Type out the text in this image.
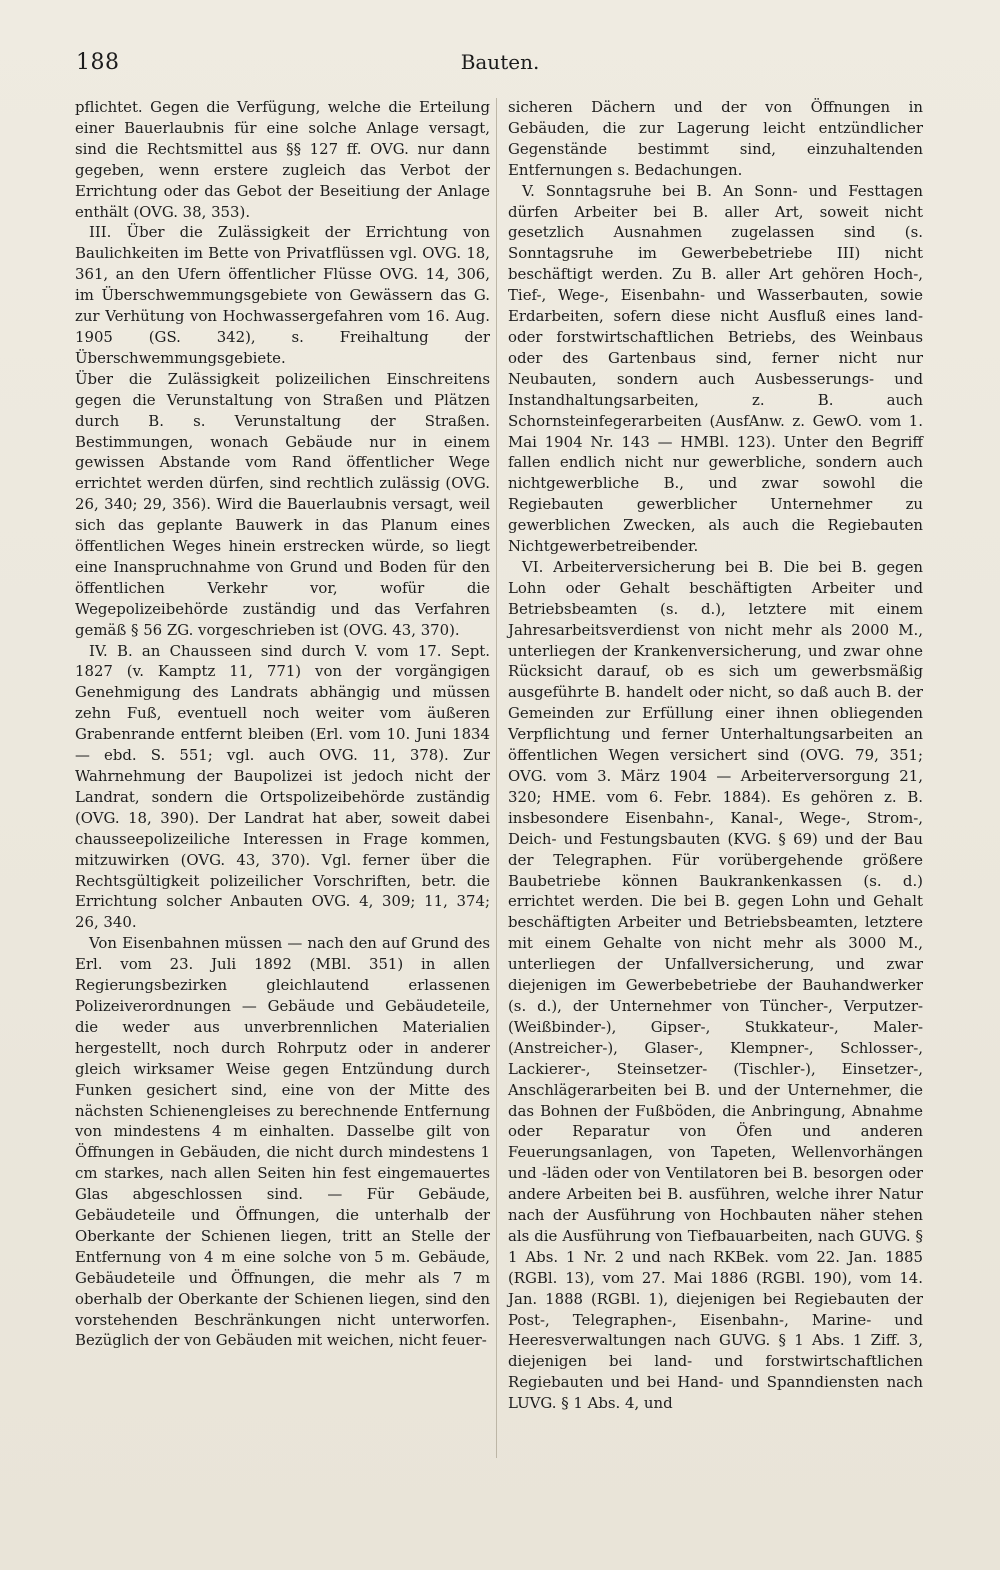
188	Bauten.

pflichtet. Gegen die Verfügung, welche die Erteilung einer Bauerlaubnis für eine solche Anlage versagt, sind die Rechtsmittel aus §§ 127 ff. OVG. nur dann gegeben, wenn erstere zugleich das Verbot der Errichtung oder das Gebot der Beseitiung der Anlage enthält (OVG. 38, 353).

III. Über die Zulässigkeit der Errichtung von Baulichkeiten im Bette von Privatflüssen vgl. OVG. 18, 361, an den Ufern öffentlicher Flüsse OVG. 14, 306, im Überschwemmungsgebiete von Gewässern das G. zur Verhütung von Hochwassergefahren vom 16. Aug. 1905 (GS. 342), s. Freihaltung der Überschwemmungsgebiete.

Über die Zulässigkeit polizeilichen Einschreitens gegen die Verunstaltung von Straßen und Plätzen durch B. s. Verunstaltung der Straßen. Bestimmungen, wonach Gebäude nur in einem gewissen Abstande vom Rand öffentlicher Wege errichtet werden dürfen, sind rechtlich zulässig (OVG. 26, 340; 29, 356). Wird die Bauerlaubnis versagt, weil sich das geplante Bauwerk in das Planum eines öffentlichen Weges hinein erstrecken würde, so liegt eine Inanspruchnahme von Grund und Boden für den öffentlichen Verkehr vor, wofür die Wegepolizeibehörde zuständig und das Verfahren gemäß § 56 ZG. vorgeschrieben ist (OVG. 43, 370).

IV. B. an Chausseen sind durch V. vom 17. Sept. 1827 (v. Kamptz 11, 771) von der vorgängigen Genehmigung des Landrats abhängig und müssen zehn Fuß, eventuell noch weiter vom äußeren Grabenrande entfernt bleiben (Erl. vom 10. Juni 1834 — ebd. S. 551; vgl. auch OVG. 11, 378). Zur Wahrnehmung der Baupolizei ist jedoch nicht der Landrat, sondern die Ortspolizeibehörde zuständig (OVG. 18, 390). Der Landrat hat aber, soweit dabei chausseepolizeiliche Interessen in Frage kommen, mitzuwirken (OVG. 43, 370). Vgl. ferner über die Rechtsgültigkeit polizeilicher Vorschriften, betr. die Errichtung solcher Anbauten OVG. 4, 309; 11, 374; 26, 340.

Von Eisenbahnen müssen — nach den auf Grund des Erl. vom 23. Juli 1892 (MBl. 351) in allen Regierungsbezirken gleichlautend erlassenen Polizeiverordnungen — Gebäude und Gebäudeteile, die weder aus unverbrennlichen Materialien hergestellt, noch durch Rohrputz oder in anderer gleich wirksamer Weise gegen Entzündung durch Funken gesichert sind, eine von der Mitte des nächsten Schienengleises zu berechnende Entfernung von mindestens 4 m einhalten. Dasselbe gilt von Öffnungen in Gebäuden, die nicht durch mindestens 1 cm starkes, nach allen Seiten hin fest eingemauertes Glas abgeschlossen sind. — Für Gebäude, Gebäudeteile und Öffnungen, die unterhalb der Oberkante der Schienen liegen, tritt an Stelle der Entfernung von 4 m eine solche von 5 m. Gebäude, Gebäudeteile und Öffnungen, die mehr als 7 m oberhalb der Oberkante der Schienen liegen, sind den vorstehenden Beschränkungen nicht unterworfen. Bezüglich der von Gebäuden mit weichen, nicht feuer-

sicheren Dächern und der von Öffnungen in Gebäuden, die zur Lagerung leicht entzündlicher Gegenstände bestimmt sind, einzuhaltenden Entfernungen s. Bedachungen.

V. Sonntagsruhe bei B. An Sonn- und Festtagen dürfen Arbeiter bei B. aller Art, soweit nicht gesetzlich Ausnahmen zugelassen sind (s. Sonntagsruhe im Gewerbebetriebe III) nicht beschäftigt werden. Zu B. aller Art gehören Hoch-, Tief-, Wege-, Eisenbahn- und Wasserbauten, sowie Erdarbeiten, sofern diese nicht Ausfluß eines land- oder forstwirtschaftlichen Betriebs, des Weinbaus oder des Gartenbaus sind, ferner nicht nur Neubauten, sondern auch Ausbesserungs- und Instandhaltungsarbeiten, z. B. auch Schornsteinfegerarbeiten (AusfAnw. z. GewO. vom 1. Mai 1904 Nr. 143 — HMBl. 123). Unter den Begriff fallen endlich nicht nur gewerbliche, sondern auch nichtgewerbliche B., und zwar sowohl die Regiebauten gewerblicher Unternehmer zu gewerblichen Zwecken, als auch die Regiebauten Nichtgewerbetreibender.

VI. Arbeiterversicherung bei B. Die bei B. gegen Lohn oder Gehalt beschäftigten Arbeiter und Betriebsbeamten (s. d.), letztere mit einem Jahresarbeitsverdienst von nicht mehr als 2000 M., unterliegen der Krankenversicherung, und zwar ohne Rücksicht darauf, ob es sich um gewerbsmäßig ausgeführte B. handelt oder nicht, so daß auch B. der Gemeinden zur Erfüllung einer ihnen obliegenden Verpflichtung und ferner Unterhaltungsarbeiten an öffentlichen Wegen versichert sind (OVG. 79, 351; OVG. vom 3. März 1904 — Arbeiterversorgung 21, 320; HME. vom 6. Febr. 1884). Es gehören z. B. insbesondere Eisenbahn-, Kanal-, Wege-, Strom-, Deich- und Festungsbauten (KVG. § 69) und der Bau der Telegraphen. Für vorübergehende größere Baubetriebe können Baukrankenkassen (s. d.) errichtet werden. Die bei B. gegen Lohn und Gehalt beschäftigten Arbeiter und Betriebsbeamten, letztere mit einem Gehalte von nicht mehr als 3000 M., unterliegen der Unfallversicherung, und zwar diejenigen im Gewerbebetriebe der Bauhandwerker (s. d.), der Unternehmer von Tüncher-, Verputzer- (Weißbinder-), Gipser-, Stukkateur-, Maler- (Anstreicher-), Glaser-, Klempner-, Schlosser-, Lackierer-, Steinsetzer- (Tischler-), Einsetzer-, Anschlägerarbeiten bei B. und der Unternehmer, die das Bohnen der Fußböden, die Anbringung, Abnahme oder Reparatur von Öfen und anderen Feuerungsanlagen, von Tapeten, Wellenvorhängen und -läden oder von Ventilatoren bei B. besorgen oder andere Arbeiten bei B. ausführen, welche ihrer Natur nach der Ausführung von Hochbauten näher stehen als die Ausführung von Tiefbauarbeiten, nach GUVG. § 1 Abs. 1 Nr. 2 und nach RKBek. vom 22. Jan. 1885 (RGBl. 13), vom 27. Mai 1886 (RGBl. 190), vom 14. Jan. 1888 (RGBl. 1), diejenigen bei Regiebauten der Post-, Telegraphen-, Eisenbahn-, Marine- und Heeresverwaltungen nach GUVG. § 1 Abs. 1 Ziff. 3, diejenigen bei land- und forstwirtschaftlichen Regiebauten und bei Hand- und Spanndiensten nach LUVG. § 1 Abs. 4, und
